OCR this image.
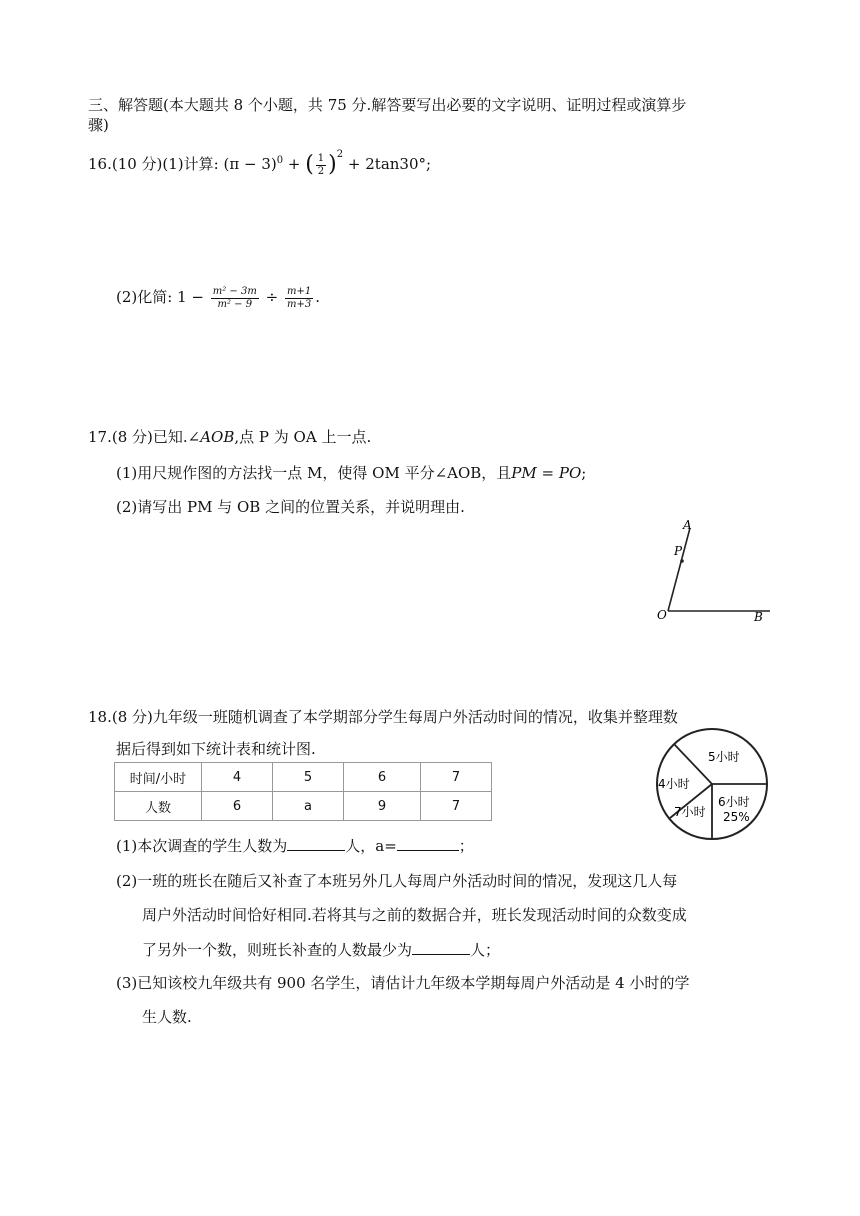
三、解答题(本大题共 8 个小题，共 75 分.解答要写出必要的文字说明、证明过程或演算步
骤)
16.(10 分)(1)计算: $(\pi - 3)^0$ + ( $\frac{1}{2} )^2 + 2\tan 30^\circ$;
(2)化简: $1 - \frac{\text{m² − 3m}}{\text{m² − 9}} \div \frac{m+1}{m+3}$ .
17.(8 分)已知.∠AOB,点 P 为 OA 上一点.
(1)用尺规作图的方法找一点 M，使得 OM 平分∠AOB，且PM = PO;
(2)请写出 PM 与 OB 之间的位置关系，并说明理由.
A
P
O	B
18.(8 分)九年级一班随机调查了本学期部分学生每周户外活动时间的情况，收集并整理数
据后得到如下统计表和统计图.
时间/小时	4	5	6	7
人数	6	a	9	7
5小时
4小时
7小时
6小时
25%
(1)本次调查的学生人数为	人，a=	；
(2)一班的班长在随后又补查了本班另外几人每周户外活动时间的情况，发现这几人每
周户外活动时间恰好相同.若将其与之前的数据合并，班长发现活动时间的众数变成
了另外一个数，则班长补查的人数最少为	人；
(3)已知该校九年级共有 900 名学生，请估计九年级本学期每周户外活动是 4 小时的学
生人数.
